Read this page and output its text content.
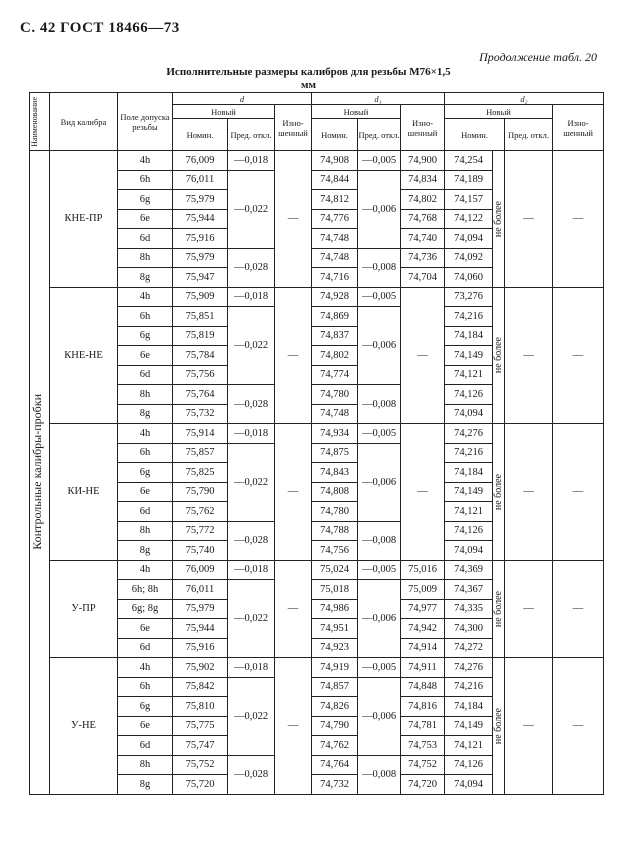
С. 42 ГОСТ 18466—73
Продолжение табл. 20
Исполнительные размеры калибров для резьбы М76×1,5
мм
Наименование	Вид калибра	Поле допуска резьбы	d			d₁			d₂			
			Новый		Изно-шенный	Новый		Изно-шенный	Новый			Изно-шенный
			Номин.	Пред. откл.		Номин.	Пред. откл.		Номин.		Пред. откл.	

Контрольные калибры-пробки	КНЕ-ПР	4h	76,009	—0,018	—	74,908	—0,005	74,900	74,254	не более	—	—
		6h	76,011	—0,022		74,844	—0,006	74,834	74,189			
		6g	75,979			74,812		74,802	74,157			
		6e	75,944			74,776		74,768	74,122			
		6d	75,916			74,748		74,740	74,094			
		8h	75,979	—0,028		74,748	—0,008	74,736	74,092			
		8g	75,947			74,716		74,704	74,060			
	КНЕ-НЕ	4h	75,909	—0,018	—	74,928	—0,005	—	73,276	не более	—	—
		6h	75,851	—0,022		74,869	—0,006		74,216			
		6g	75,819			74,837			74,184			
		6e	75,784			74,802			74,149			
		6d	75,756			74,774			74,121			
		8h	75,764	—0,028		74,780	—0,008		74,126			
		8g	75,732			74,748			74,094			
	КИ-НЕ	4h	75,914	—0,018	—	74,934	—0,005	—	74,276	не более	—	—
		6h	75,857	—0,022		74,875	—0,006		74,216			
		6g	75,825			74,843			74,184			
		6e	75,790			74,808			74,149			
		6d	75,762			74,780			74,121			
		8h	75,772	—0,028		74,788	—0,008		74,126			
		8g	75,740			74,756			74,094			
	У-ПР	4h	76,009	—0,018	—	75,024	—0,005	75,016	74,369	не более	—	—
		6h; 8h	76,011	—0,022		75,018	—0,006	75,009	74,367			
		6g; 8g	75,979			74,986		74,977	74,335			
		6e	75,944			74,951		74,942	74,300			
		6d	75,916			74,923		74,914	74,272			
	У-НЕ	4h	75,902	—0,018	—	74,919	—0,005	74,911	74,276	не более	—	—
		6h	75,842	—0,022		74,857	—0,006	74,848	74,216			
		6g	75,810			74,826		74,816	74,184			
		6e	75,775			74,790		74,781	74,149			
		6d	75,747			74,762		74,753	74,121			
		8h	75,752	—0,028		74,764	—0,008	74,752	74,126			
		8g	75,720			74,732		74,720	74,094			
